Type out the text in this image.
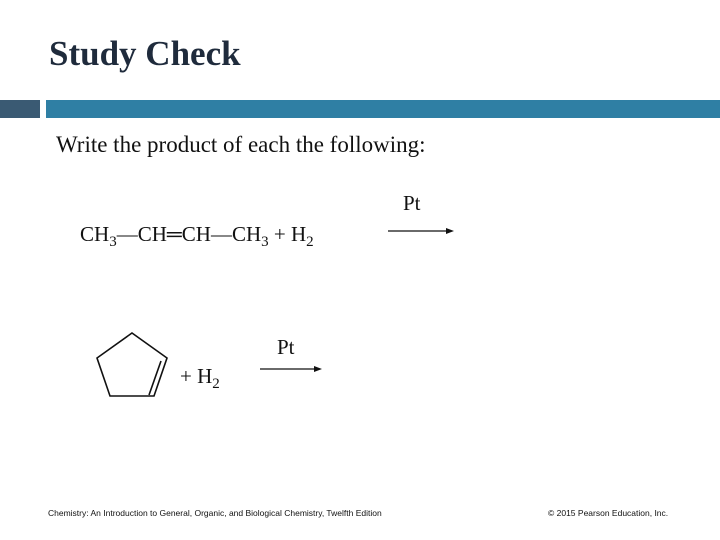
Study Check
Write the product of each the following:
$CH_3—CH═CH—CH_3 + H_2$
Pt
+ $H_2$
Pt
Chemistry: An Introduction to General, Organic, and Biological Chemistry, Twelfth Edition	© 2015 Pearson Education, Inc.
